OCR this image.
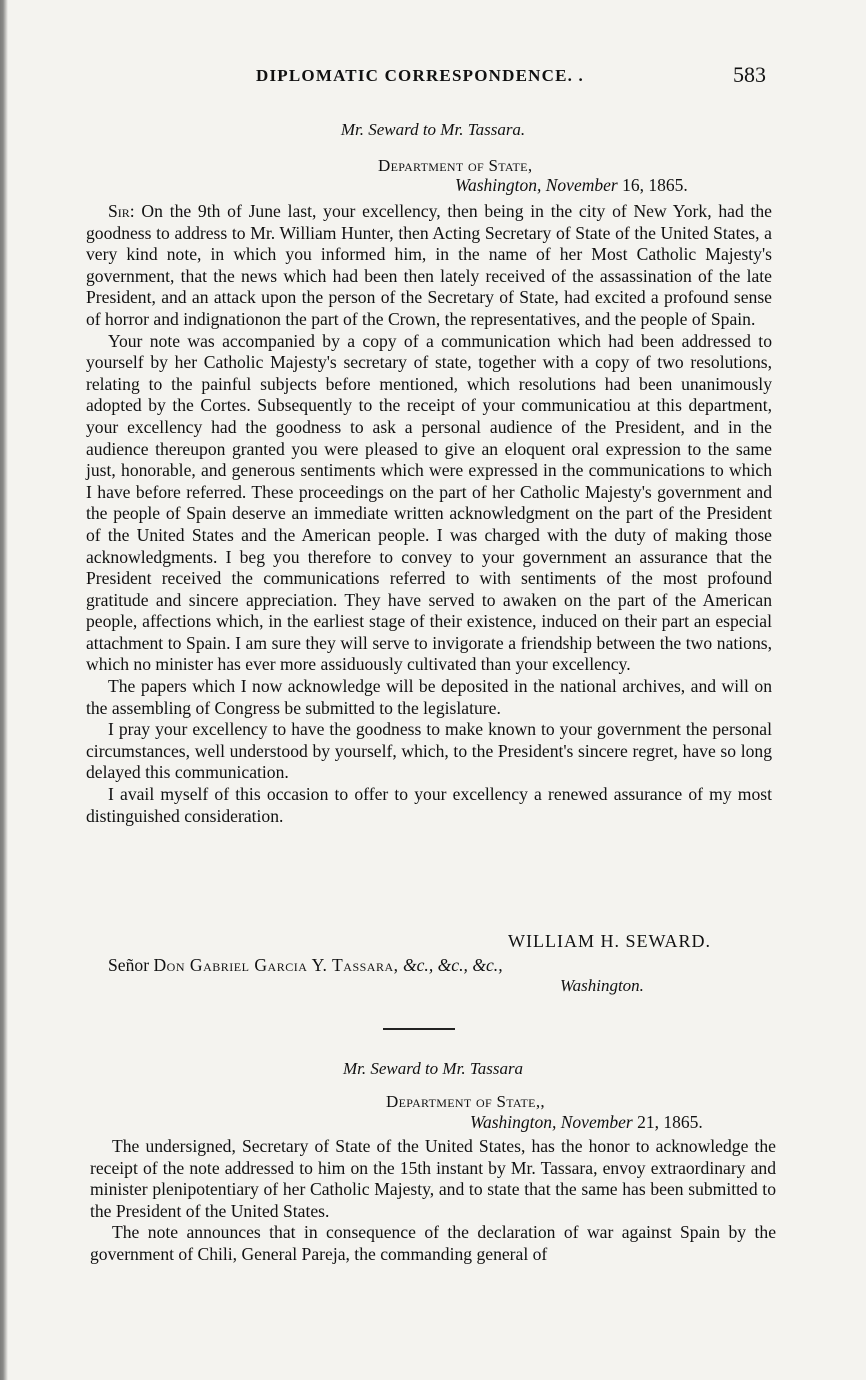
DIPLOMATIC CORRESPONDENCE. .	583
Mr. Seward to Mr. Tassara.
Department of State,
Washington, November 16, 1865.

Sir: On the 9th of June last, your excellency, then being in the city of New York, had the goodness to address to Mr. William Hunter, then Acting Secretary of State of the United States, a very kind note, in which you informed him, in the name of her Most Catholic Majesty's government, that the news which had been then lately received of the assassination of the late President, and an attack upon the person of the Secretary of State, had excited a profound sense of horror and indignationon the part of the Crown, the representatives, and the people of Spain.

Your note was accompanied by a copy of a communication which had been addressed to yourself by her Catholic Majesty's secretary of state, together with a copy of two resolutions, relating to the painful subjects before mentioned, which resolutions had been unanimously adopted by the Cortes. Subsequently to the receipt of your communicatiou at this department, your excellency had the goodness to ask a personal audience of the President, and in the audience thereupon granted you were pleased to give an eloquent oral expression to the same just, honorable, and generous sentiments which were expressed in the communications to which I have before referred. These proceedings on the part of her Catholic Majesty's government and the people of Spain deserve an immediate written acknowledgment on the part of the President of the United States and the American people. I was charged with the duty of making those acknowledgments. I beg you therefore to convey to your government an assurance that the President received the communications referred to with sentiments of the most profound gratitude and sincere appreciation. They have served to awaken on the part of the American people, affections which, in the earliest stage of their existence, induced on their part an especial attachment to Spain. I am sure they will serve to invigorate a friendship between the two nations, which no minister has ever more assiduously cultivated than your excellency.

The papers which I now acknowledge will be deposited in the national archives, and will on the assembling of Congress be submitted to the legislature.

I pray your excellency to have the goodness to make known to your government the personal circumstances, well understood by yourself, which, to the President's sincere regret, have so long delayed this communication.

I avail myself of this occasion to offer to your excellency a renewed assurance of my most distinguished consideration.

WILLIAM H. SEWARD.
Señor Don Gabriel Garcia Y. Tassara, &c., &c., &c.,
Washington.
Mr. Seward to Mr. Tassara
Department of State,,
Washington, November 21, 1865.

The undersigned, Secretary of State of the United States, has the honor to acknowledge the receipt of the note addressed to him on the 15th instant by Mr. Tassara, envoy extraordinary and minister plenipotentiary of her Catholic Majesty, and to state that the same has been submitted to the President of the United States.

The note announces that in consequence of the declaration of war against Spain by the government of Chili, General Pareja, the commanding general of
